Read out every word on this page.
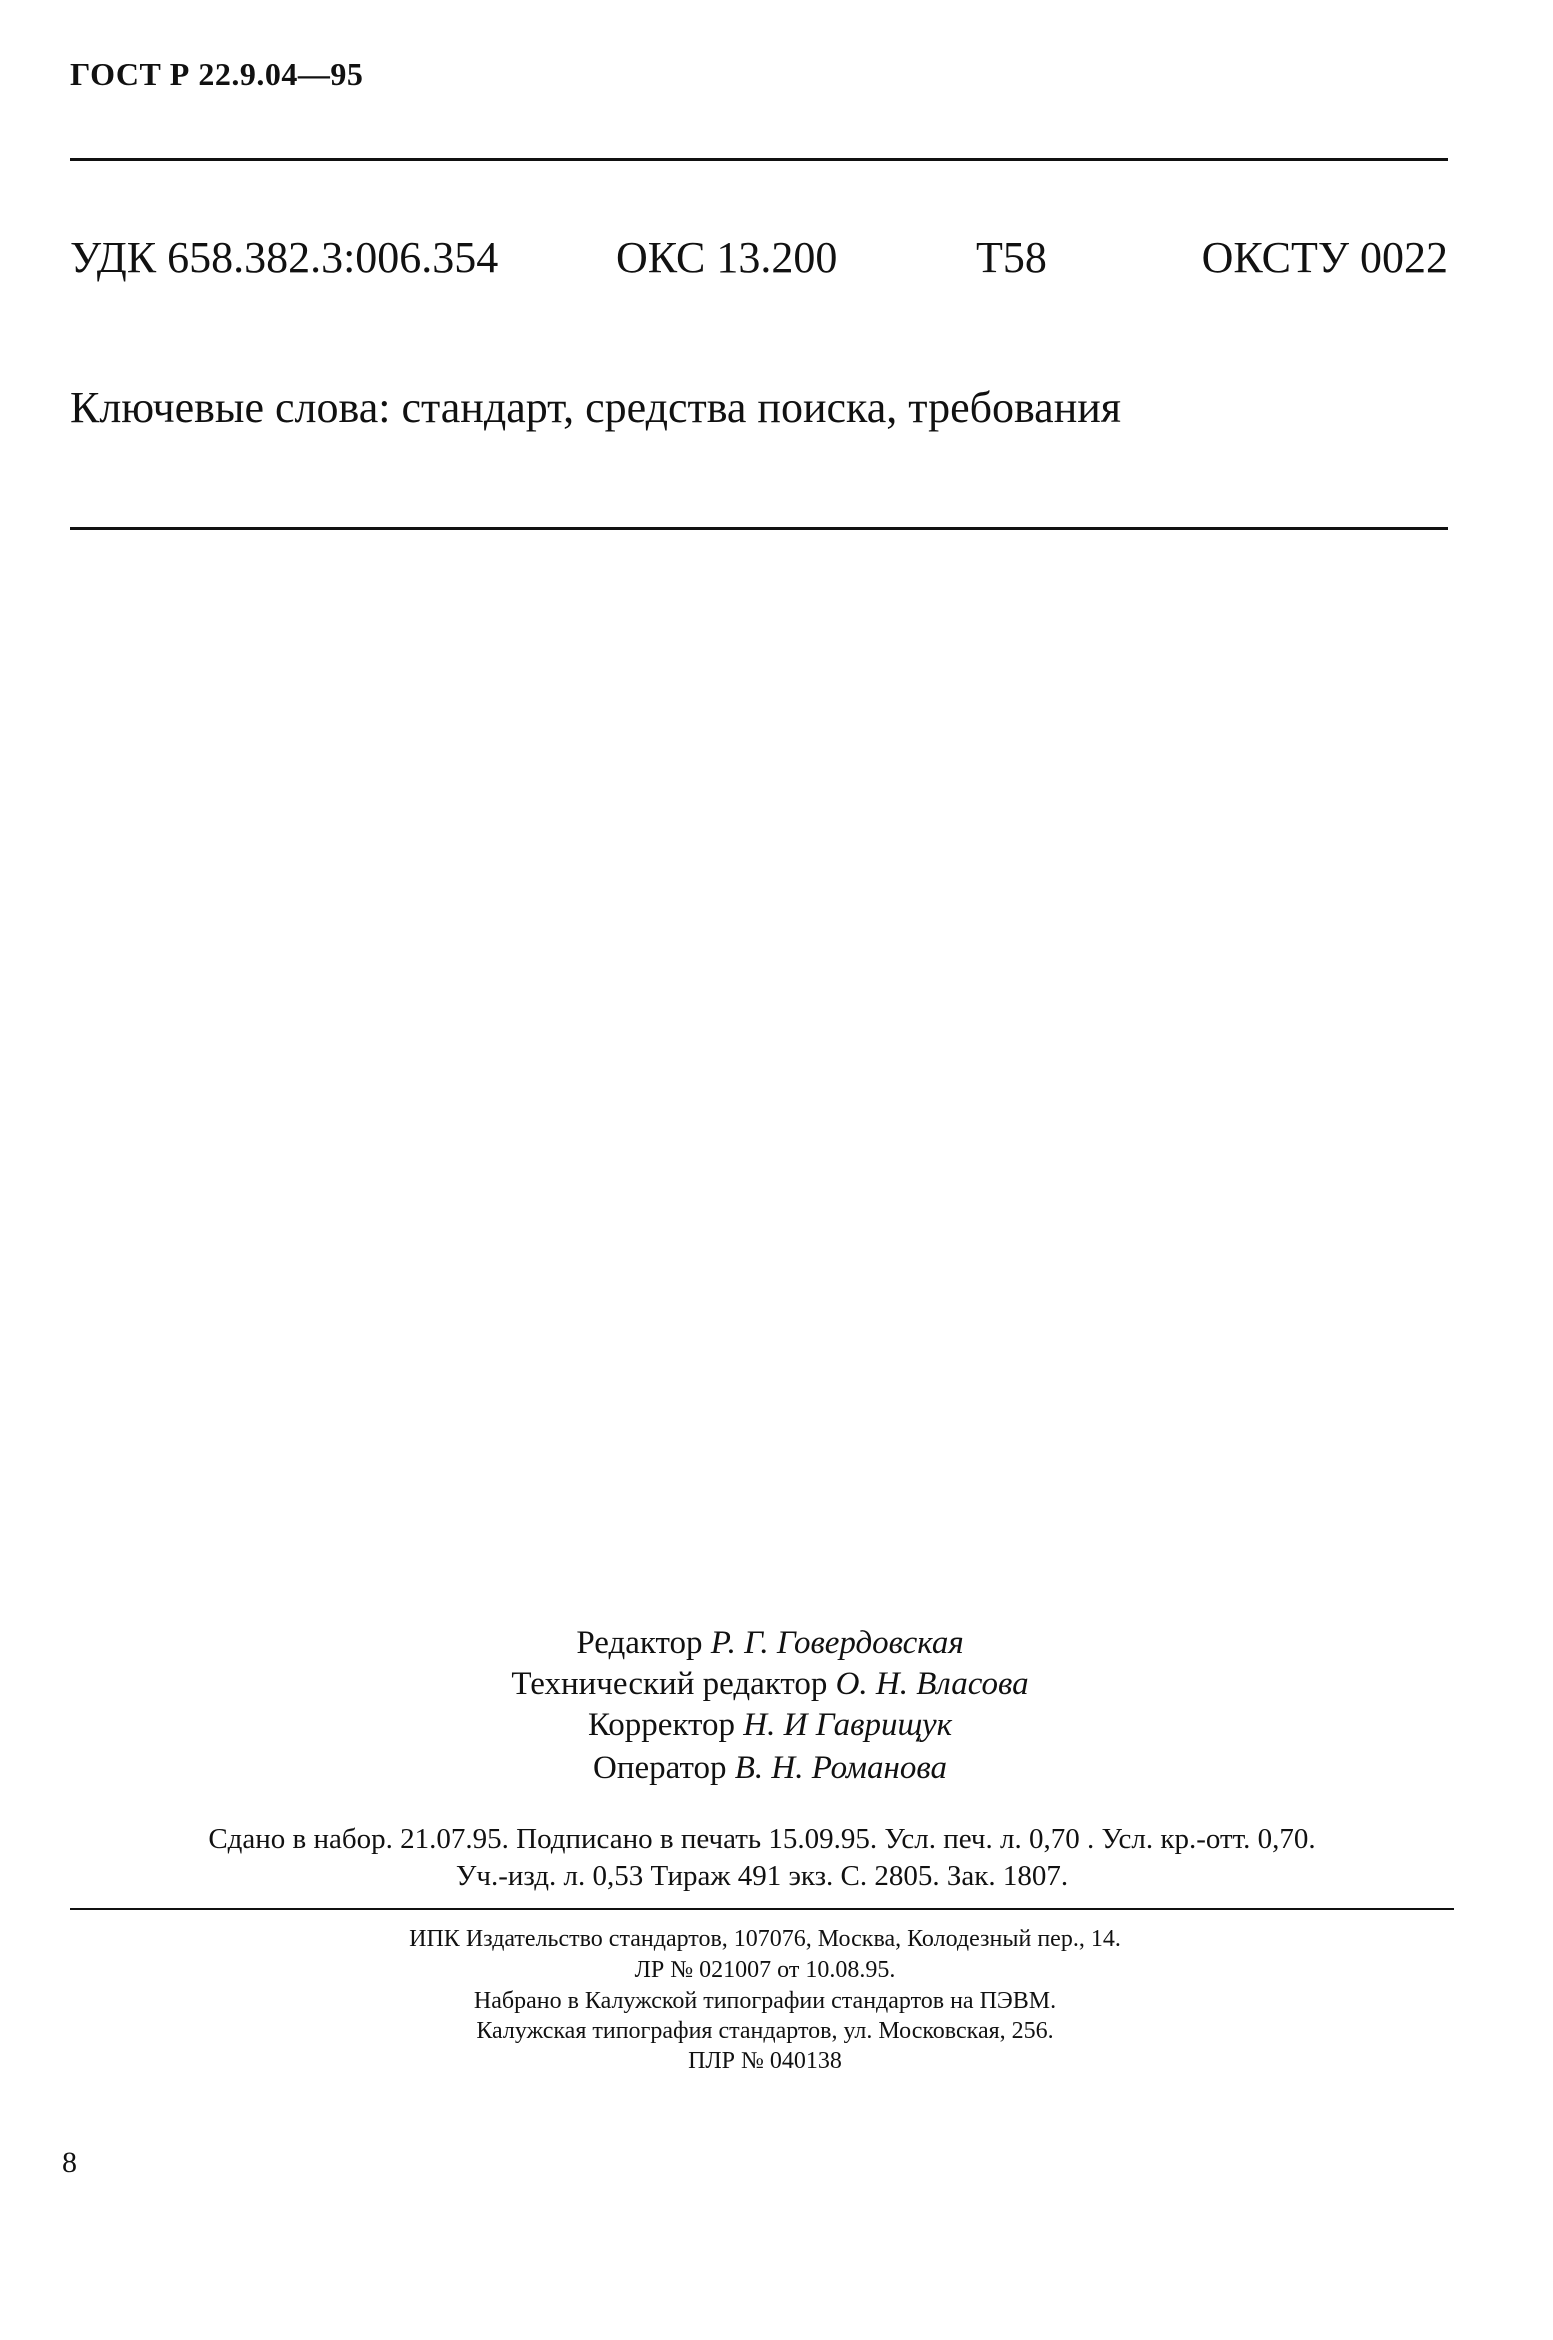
ГОСТ Р 22.9.04—95
УДК 658.382.3:006.354	ОКС 13.200	Т58	ОКСТУ 0022
Ключевые слова: стандарт, средства поиска, требования
Редактор Р. Г. Говердовская
Технический редактор О. Н. Власова
Корректор Н. И Гаврищук
Оператор В. Н. Романова
Сдано в набор. 21.07.95. Подписано в печать 15.09.95. Усл. печ. л. 0,70 . Усл. кр.-отт. 0,70.
Уч.-изд. л. 0,53 Тираж 491 экз. С. 2805. Зак. 1807.
ИПК Издательство стандартов, 107076, Москва, Колодезный пер., 14.
ЛР № 021007 от 10.08.95.
Набрано в Калужской типографии стандартов на ПЭВМ.
Калужская типография стандартов, ул. Московская, 256.
ПЛР № 040138
8
